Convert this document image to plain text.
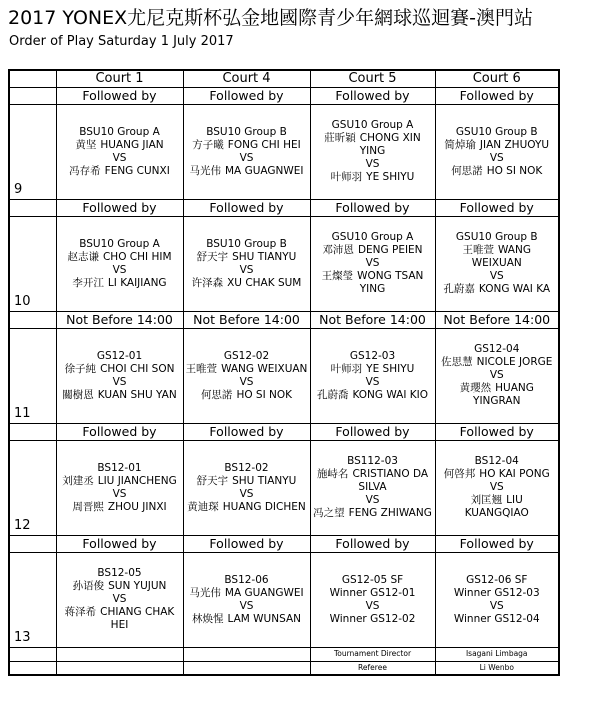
2017 YONEX尤尼克斯杯弘金地國際青少年網球巡迴賽-澳門站
Order of Play Saturday 1 July 2017
	Court 1	Court 4	Court 5	Court 6
	Followed by	Followed by	Followed by	Followed by
9	BSU10 Group A
黄坚 HUANG JIAN
VS
冯存希 FENG CUNXI	BSU10 Group B
方子曦 FONG CHI HEI
VS
马光伟 MA GUAGNWEI	GSU10 Group A
莊昕穎 CHONG XIN YING
VS
叶师羽 YE SHIYU	GSU10 Group B
简焯瑜 JIAN ZHUOYU
VS
何思諾 HO SI NOK

	Followed by	Followed by	Followed by	Followed by
10	BSU10 Group A
赵志谦 CHO CHI HIM
VS
李开江 LI KAIJIANG	BSU10 Group B
舒天宇 SHU TIANYU
VS
许泽森 XU CHAK SUM	GSU10 Group A
邓沛恩 DENG PEIEN
VS
王燦瑩 WONG TSAN YING	GSU10 Group B
王唯萱 WANG WEIXUAN
VS
孔蔚嘉 KONG WAI KA

	Not Before 14:00	Not Before 14:00	Not Before 14:00	Not Before 14:00
11	GS12-01
徐子純 CHOI CHI SON
VS
關樹恩 KUAN SHU YAN	GS12-02
王唯萱 WANG WEIXUAN
VS
何思諾 HO SI NOK	GS12-03
叶师羽 YE SHIYU
VS
孔蔚喬 KONG WAI KIO	GS12-04
佐思慧 NICOLE JORGE
VS
黄瓔然 HUANG YINGRAN

	Followed by	Followed by	Followed by	Followed by
12	BS12-01
刘建丞 LIU JIANCHENG
VS
周晋熙 ZHOU JINXI	BS12-02
舒天宇 SHU TIANYU
VS
黄迪琛 HUANG DICHEN	BS112-03
施峙名 CRISTIANO DA SILVA
VS
冯之望 FENG ZHIWANG	BS12-04
何啓邦 HO KAI PONG
VS
刘匡翘 LIU KUANGQIAO

	Followed by	Followed by	Followed by	Followed by
13	BS12-05
孙语俊 SUN YUJUN
VS
蒋泽希 CHIANG CHAK HEI	BS12-06
马光伟 MA GUANGWEI
VS
林焕惺 LAM WUNSAN	GS12-05 SF
Winner GS12-01
VS
Winner GS12-02	GS12-06 SF
Winner GS12-03
VS
Winner GS12-04

			Tournament Director	Isagani Limbaga
			Referee	Li Wenbo
